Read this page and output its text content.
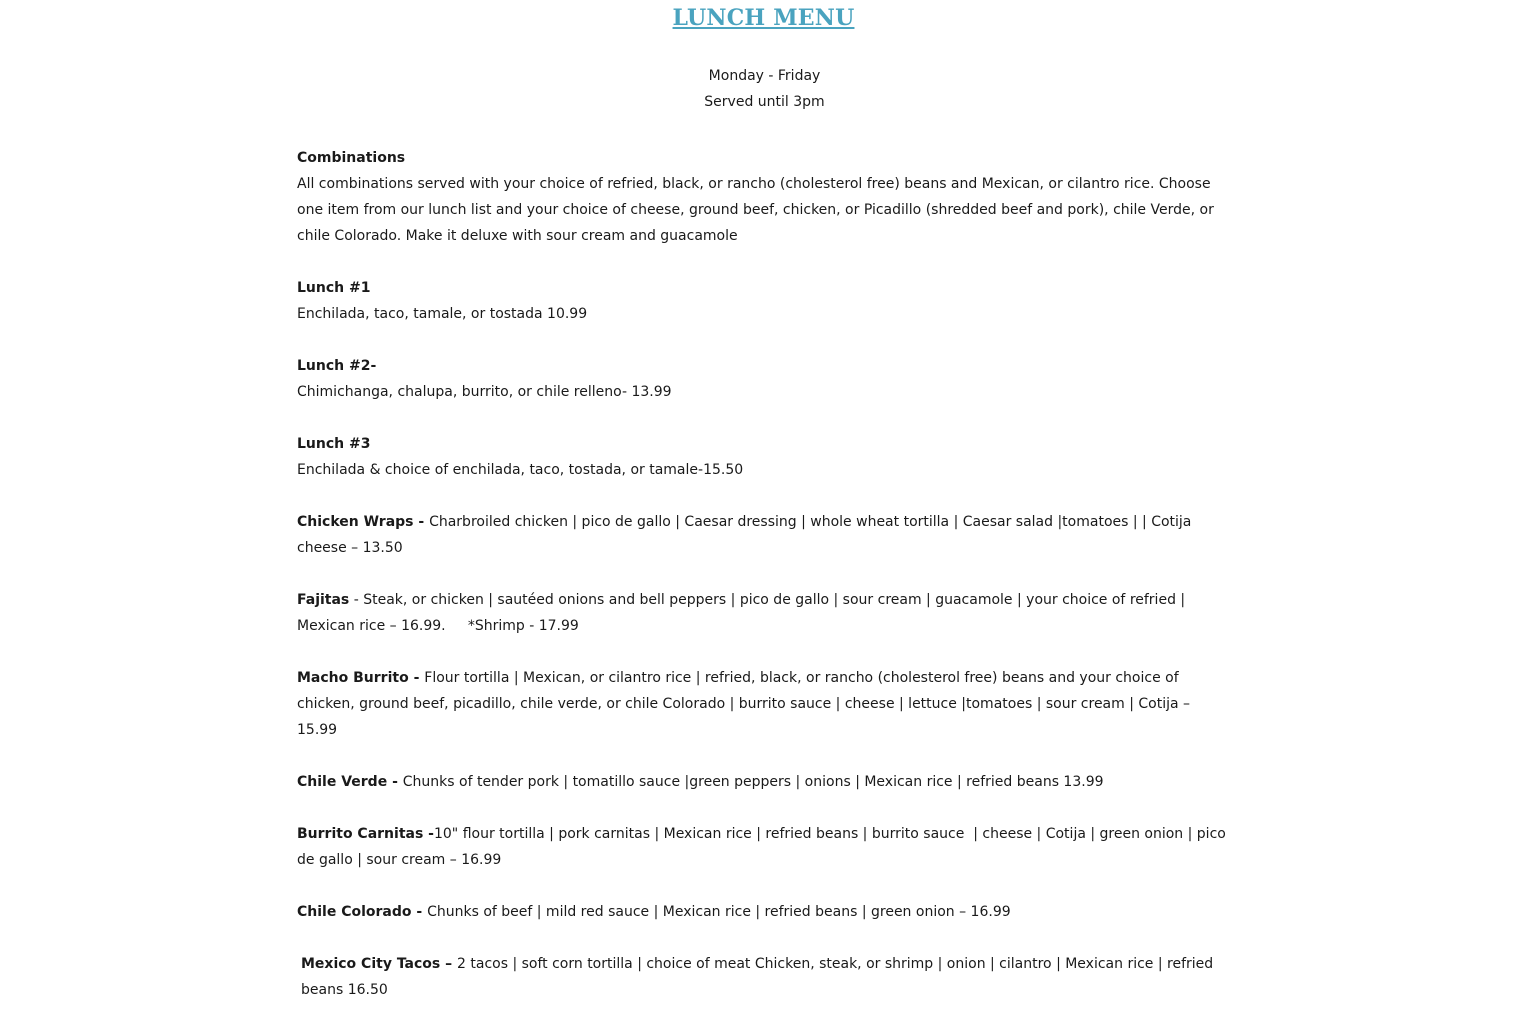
LUNCH MENU
Monday - Friday
Served until 3pm

Combinations

All combinations served with your choice of refried, black, or rancho (cholesterol free) beans and Mexican, or cilantro rice. Choose one item from our lunch list and your choice of cheese, ground beef, chicken, or Picadillo (shredded beef and pork), chile Verde, or chile Colorado. Make it deluxe with sour cream and guacamole

Lunch #1

Enchilada, taco, tamale, or tostada 10.99

Lunch #2-

Chimichanga, chalupa, burrito, or chile relleno- 13.99

Lunch #3

Enchilada & choice of enchilada, taco, tostada, or tamale-15.50

Chicken Wraps - Charbroiled chicken | pico de gallo | Caesar dressing | whole wheat tortilla | Caesar salad |tomatoes | | Cotija cheese – 13.50

Fajitas - Steak, or chicken | sautéed onions and bell peppers | pico de gallo | sour cream | guacamole | your choice of refried | Mexican rice – 16.99.     *Shrimp - 17.99

Macho Burrito - Flour tortilla | Mexican, or cilantro rice | refried, black, or rancho (cholesterol free) beans and your choice of chicken, ground beef, picadillo, chile verde, or chile Colorado | burrito sauce | cheese | lettuce |tomatoes | sour cream | Cotija – 15.99

Chile Verde - Chunks of tender pork | tomatillo sauce |green peppers | onions | Mexican rice | refried beans 13.99

Burrito Carnitas -10" flour tortilla | pork carnitas | Mexican rice | refried beans | burrito sauce  | cheese | Cotija | green onion | pico de gallo | sour cream – 16.99

Chile Colorado - Chunks of beef | mild red sauce | Mexican rice | refried beans | green onion – 16.99

Mexico City Tacos – 2 tacos | soft corn tortilla | choice of meat Chicken, steak, or shrimp | onion | cilantro | Mexican rice | refried beans 16.50
